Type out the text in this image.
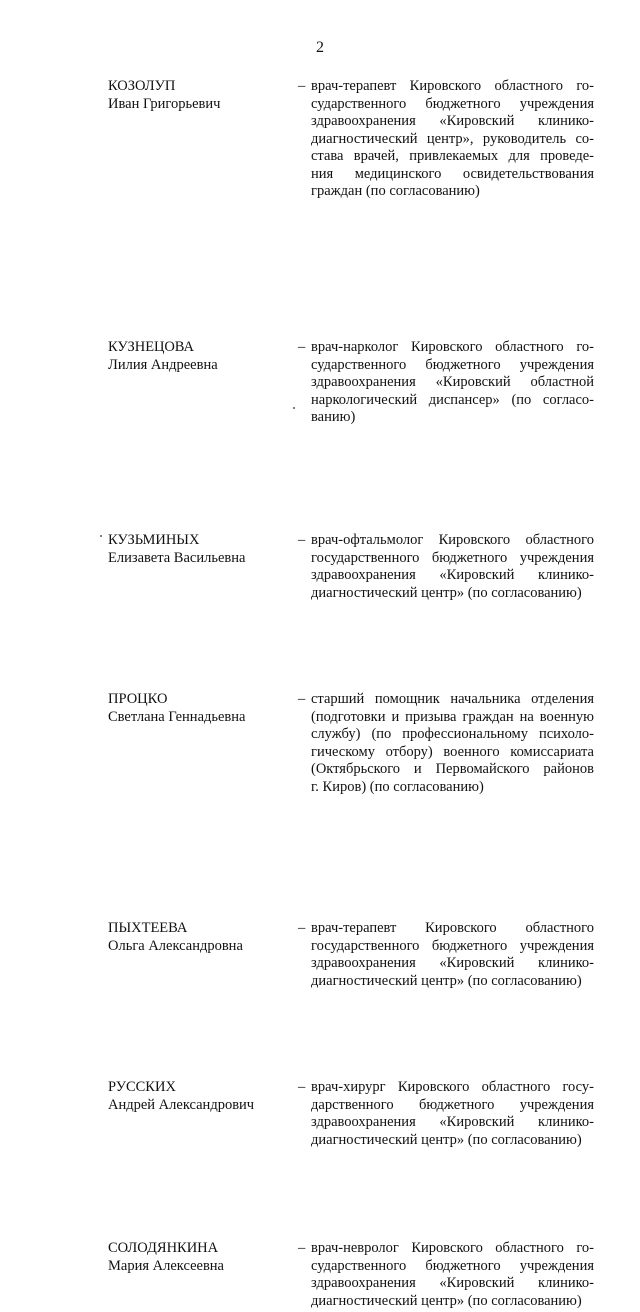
2
КОЗОЛУП
Иван Григорьевич
– врач-терапевт Кировского областного го-
сударственного бюджетного учреждения
здравоохранения «Кировский клинико-
диагностический центр», руководитель со-
става врачей, привлекаемых для проведе-
ния медицинского освидетельствования
граждан (по согласованию)
КУЗНЕЦОВА
Лилия Андреевна
– врач-нарколог Кировского областного го-
сударственного бюджетного учреждения
здравоохранения «Кировский областной
наркологический диспансер» (по согласо-
ванию)
КУЗЬМИНЫХ
Елизавета Васильевна
– врач-офтальмолог Кировского областного
государственного бюджетного учреждения
здравоохранения «Кировский клинико-
диагностический центр» (по согласованию)
ПРОЦКО
Светлана Геннадьевна
– старший помощник начальника отделения
(подготовки и призыва граждан на военную
службу) (по профессиональному психоло-
гическому отбору) военного комиссариата
(Октябрьского и Первомайского районов
г. Киров) (по согласованию)
ПЫХТЕЕВА
Ольга Александровна
– врач-терапевт Кировского областного
государственного бюджетного учреждения
здравоохранения «Кировский клинико-
диагностический центр» (по согласованию)
РУССКИХ
Андрей Александрович
– врач-хирург Кировского областного госу-
дарственного бюджетного учреждения
здравоохранения «Кировский клинико-
диагностический центр» (по согласованию)
СОЛОДЯНКИНА
Мария Алексеевна
– врач-невролог Кировского областного го-
сударственного бюджетного учреждения
здравоохранения «Кировский клинико-
диагностический центр» (по согласованию)
